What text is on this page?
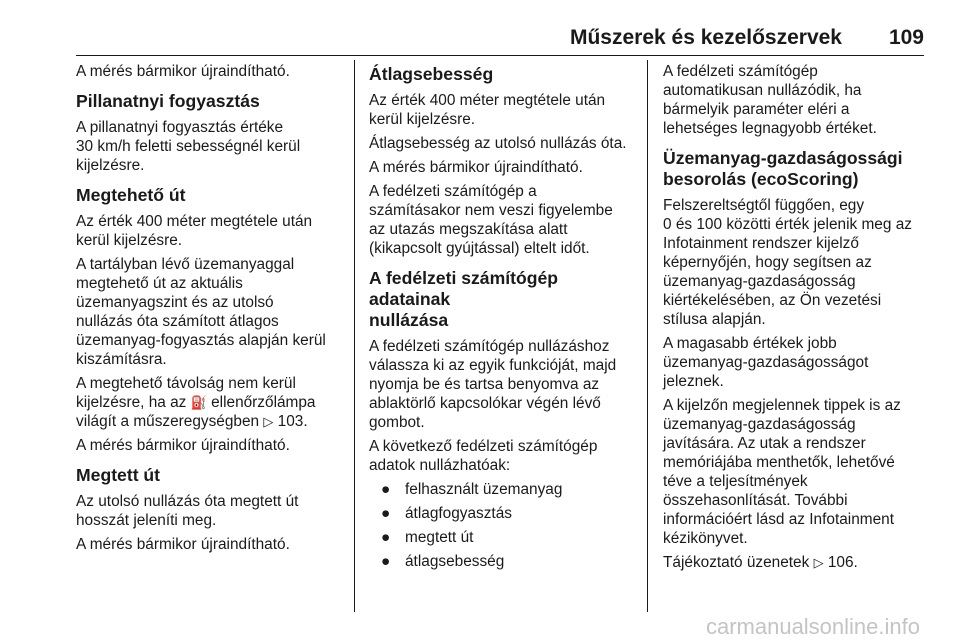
Műszerek és kezelőszervek 109

A mérés bármikor újraindítható.

Pillanatnyi fogyasztás

A pillanatnyi fogyasztás értéke
30 km/h feletti sebességnél kerül
kijelzésre.

Megtehető út

Az érték 400 méter megtétele után
kerül kijelzésre.

A tartályban lévő üzemanyaggal
megtehető út az aktuális
üzemanyagszint és az utolsó
nullázás óta számított átlagos
üzemanyag-fogyasztás alapján kerül
kiszámításra.

A megtehető távolság nem kerül
kijelzésre, ha az ⛽ ellenőrzőlámpa
világít a műszeregységben ▷ 103.

A mérés bármikor újraindítható.

Megtett út

Az utolsó nullázás óta megtett út
hosszát jeleníti meg.

A mérés bármikor újraindítható.

Átlagsebesség

Az érték 400 méter megtétele után
kerül kijelzésre.

Átlagsebesség az utolsó nullázás óta.

A mérés bármikor újraindítható.

A fedélzeti számítógép a
számításakor nem veszi figyelembe
az utazás megszakítása alatt
(kikapcsolt gyújtással) eltelt időt.

A fedélzeti számítógép adatainak
nullázása

A fedélzeti számítógép nullázáshoz
válassza ki az egyik funkcióját, majd
nyomja be és tartsa benyomva az
ablaktörlő kapcsolókar végén lévő
gombot.

A következő fedélzeti számítógép
adatok nullázhatóak:

● felhasznált üzemanyag
● átlagfogyasztás
● megtett út
● átlagsebesség

A fedélzeti számítógép
automatikusan nullázódik, ha
bármelyik paraméter eléri a
lehetséges legnagyobb értéket.

Üzemanyag-gazdaságossági
besorolás (ecoScoring)

Felszereltségtől függően, egy
0 és 100 közötti érték jelenik meg az
Infotainment rendszer kijelző
képernyőjén, hogy segítsen az
üzemanyag-gazdaságosság
kiértékelésében, az Ön vezetési
stílusa alapján.

A magasabb értékek jobb
üzemanyag-gazdaságosságot
jeleznek.

A kijelzőn megjelennek tippek is az
üzemanyag-gazdaságosság
javítására. Az utak a rendszer
memóriájába menthetők, lehetővé
téve a teljesítmények
összehasonlítását. További
információért lásd az Infotainment
kézikönyvet.

Tájékoztató üzenetek ▷ 106.

carmanualsonline.info
